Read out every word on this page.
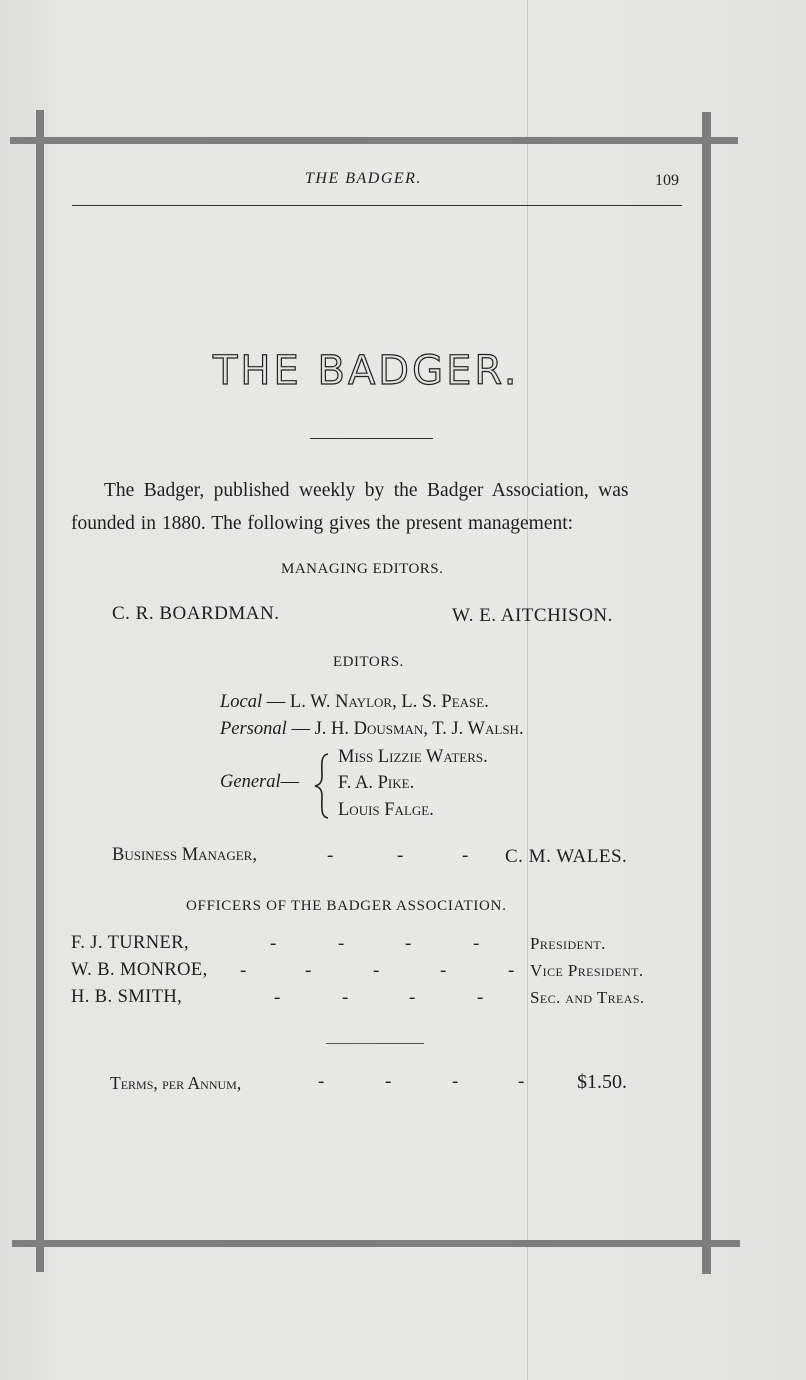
THE BADGER.	109
THE BADGER.
The Badger, published weekly by the Badger Association, was
founded in 1880. The following gives the present management:
MANAGING EDITORS.
C. R. BOARDMAN.	W. E. AITCHISON.
EDITORS.
Local — L. W. Naylor, L. S. Pease.
Personal — J. H. Dousman, T. J. Walsh.
General—
Miss Lizzie Waters.
F. A. Pike.
Louis Falge.
Business Manager,	-	-	- C. M. WALES.
OFFICERS OF THE BADGER ASSOCIATION.
F. J. TURNER,	-	-	-	-	President.
W. B. MONROE, -	-	-	-	- Vice President.
H. B. SMITH,	-	-	-	-	Sec. and Treas.
Terms, per Annum,	-	-	-	-	$1.50.
